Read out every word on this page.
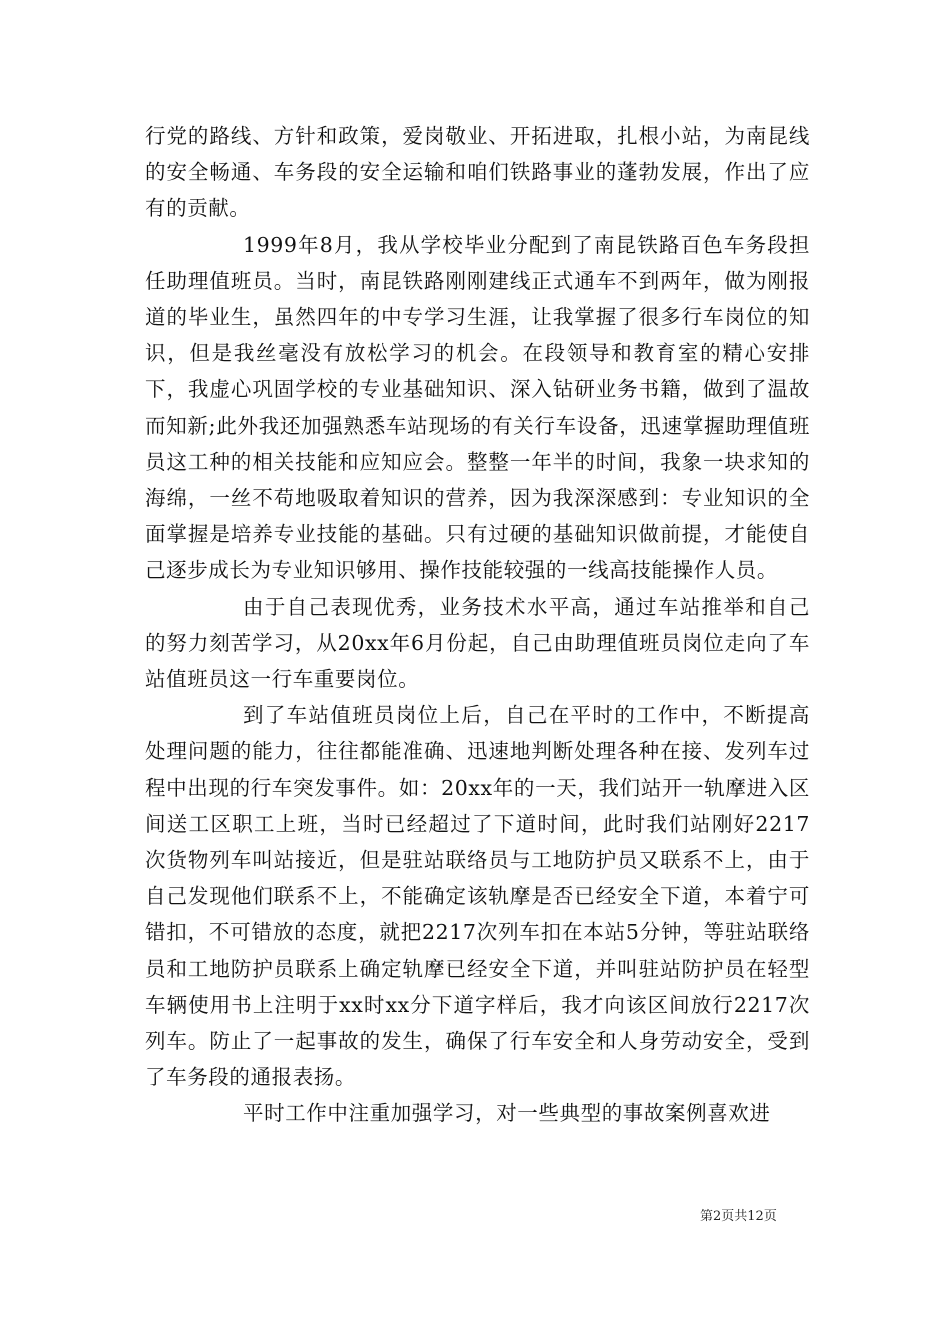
行党的路线、方针和政策，爱岗敬业、开拓进取，扎根小站，为南昆线的安全畅通、车务段的安全运输和咱们铁路事业的蓬勃发展，作出了应有的贡献。

1999年8月，我从学校毕业分配到了南昆铁路百色车务段担任助理值班员。当时，南昆铁路刚刚建线正式通车不到两年，做为刚报道的毕业生，虽然四年的中专学习生涯，让我掌握了很多行车岗位的知识，但是我丝毫没有放松学习的机会。在段领导和教育室的精心安排下，我虚心巩固学校的专业基础知识、深入钻研业务书籍，做到了温故而知新;此外我还加强熟悉车站现场的有关行车设备，迅速掌握助理值班员这工种的相关技能和应知应会。整整一年半的时间，我象一块求知的海绵，一丝不苟地吸取着知识的营养，因为我深深感到：专业知识的全面掌握是培养专业技能的基础。只有过硬的基础知识做前提，才能使自己逐步成长为专业知识够用、操作技能较强的一线高技能操作人员。

由于自己表现优秀，业务技术水平高，通过车站推举和自己的努力刻苦学习，从20xx年6月份起，自己由助理值班员岗位走向了车站值班员这一行车重要岗位。

到了车站值班员岗位上后，自己在平时的工作中，不断提高处理问题的能力，往往都能准确、迅速地判断处理各种在接、发列车过程中出现的行车突发事件。如：20xx年的一天，我们站开一轨摩进入区间送工区职工上班，当时已经超过了下道时间，此时我们站刚好2217次货物列车叫站接近，但是驻站联络员与工地防护员又联系不上，由于自己发现他们联系不上，不能确定该轨摩是否已经安全下道，本着宁可错扣，不可错放的态度，就把2217次列车扣在本站5分钟，等驻站联络员和工地防护员联系上确定轨摩已经安全下道，并叫驻站防护员在轻型车辆使用书上注明于xx时xx分下道字样后，我才向该区间放行2217次列车。防止了一起事故的发生，确保了行车安全和人身劳动安全，受到了车务段的通报表扬。

平时工作中注重加强学习，对一些典型的事故案例喜欢进

第2页共12页
